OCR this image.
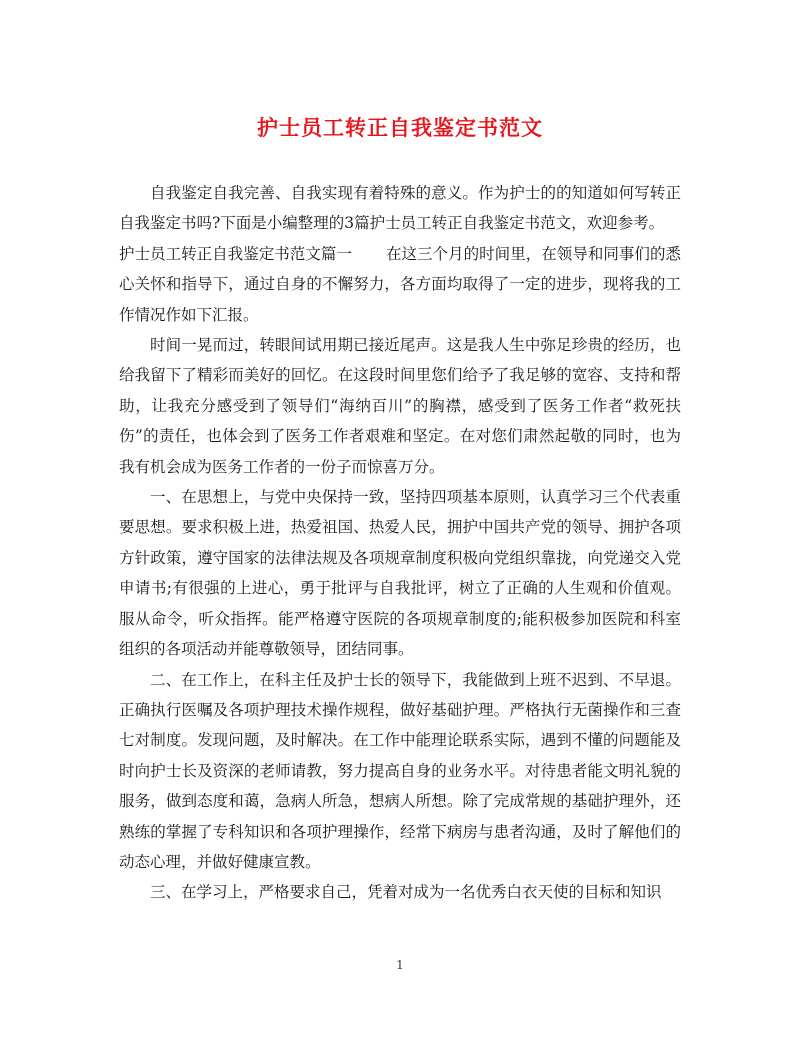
护士员工转正自我鉴定书范文

自我鉴定自我完善、自我实现有着特殊的意义。作为护士的的知道如何写转正自我鉴定书吗?下面是小编整理的3篇护士员工转正自我鉴定书范文，欢迎参考。

护士员工转正自我鉴定书范文篇一 在这三个月的时间里，在领导和同事们的悉心关怀和指导下，通过自身的不懈努力，各方面均取得了一定的进步，现将我的工作情况作如下汇报。

时间一晃而过，转眼间试用期已接近尾声。这是我人生中弥足珍贵的经历，也给我留下了精彩而美好的回忆。在这段时间里您们给予了我足够的宽容、支持和帮助，让我充分感受到了领导们“海纳百川”的胸襟，感受到了医务工作者“救死扶伤”的责任，也体会到了医务工作者艰难和坚定。在对您们肃然起敬的同时，也为我有机会成为医务工作者的一份子而惊喜万分。

一、在思想上，与党中央保持一致，坚持四项基本原则，认真学习三个代表重要思想。要求积极上进，热爱祖国、热爱人民，拥护中国共产党的领导、拥护各项方针政策，遵守国家的法律法规及各项规章制度积极向党组织靠拢，向党递交入党申请书;有很强的上进心，勇于批评与自我批评，树立了正确的人生观和价值观。服从命令，听众指挥。能严格遵守医院的各项规章制度的;能积极参加医院和科室组织的各项活动并能尊敬领导，团结同事。

二、在工作上，在科主任及护士长的领导下，我能做到上班不迟到、不早退。正确执行医嘱及各项护理技术操作规程，做好基础护理。严格执行无菌操作和三查七对制度。发现问题，及时解决。在工作中能理论联系实际，遇到不懂的问题能及时向护士长及资深的老师请教，努力提高自身的业务水平。对待患者能文明礼貌的服务，做到态度和蔼，急病人所急，想病人所想。除了完成常规的基础护理外，还熟练的掌握了专科知识和各项护理操作，经常下病房与患者沟通，及时了解他们的动态心理，并做好健康宣教。

三、在学习上，严格要求自己，凭着对成为一名优秀白衣天使的目标和知识

1
